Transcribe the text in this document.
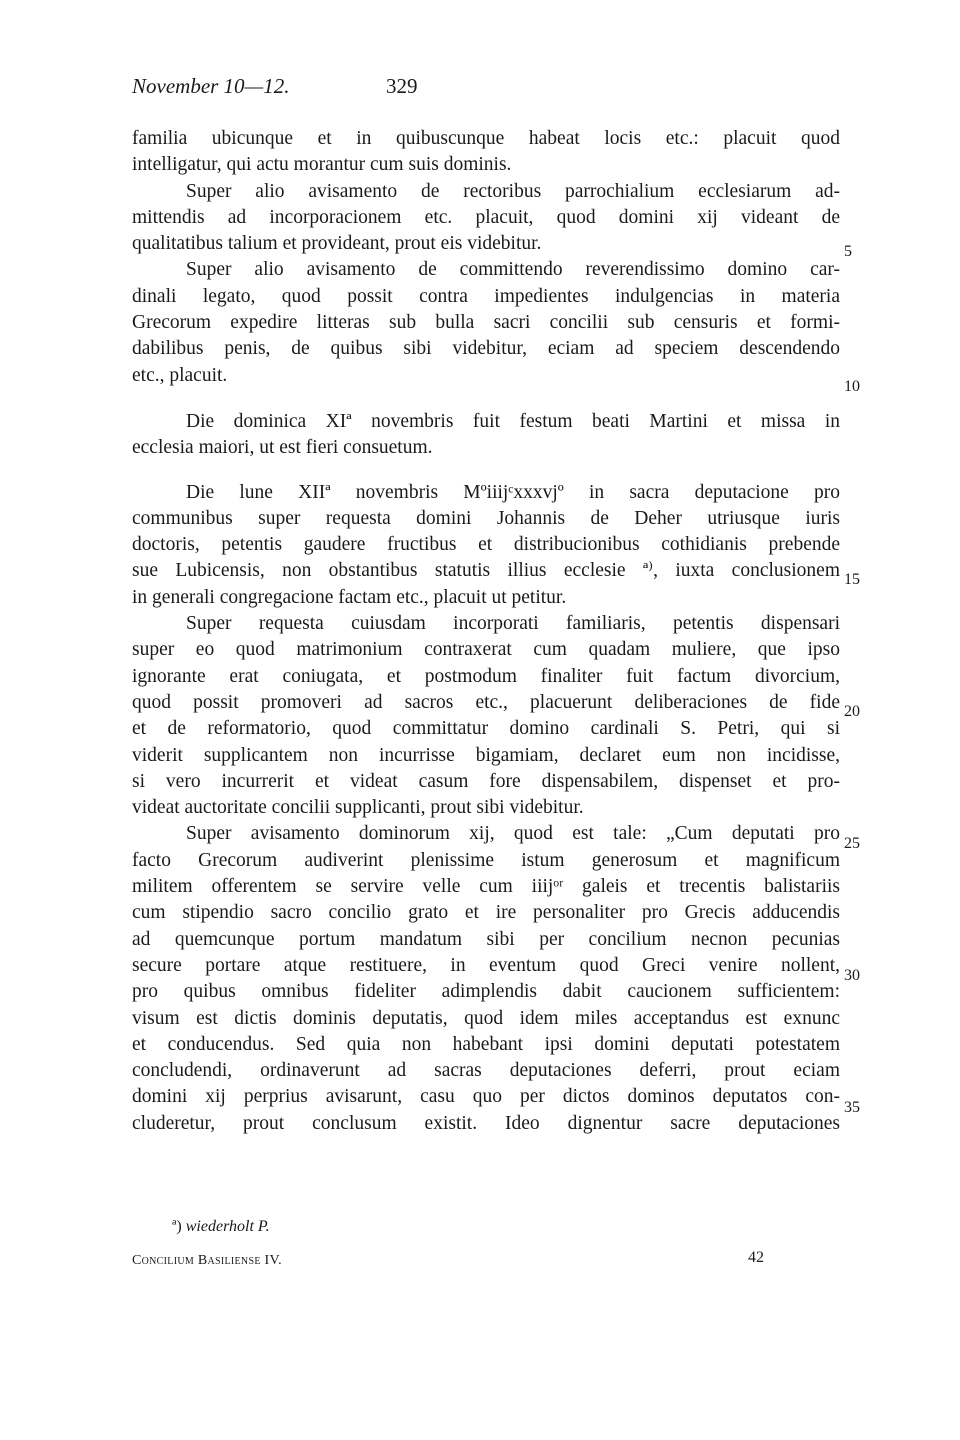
November 10—12.	329
familia ubicunque et in quibuscunque habeat locis etc.: placuit quod
intelligatur, qui actu morantur cum suis dominis.
Super alio avisamento de rectoribus parrochialium ecclesiarum ad-
mittendis ad incorporacionem etc. placuit, quod domini xij videant de
qualitatibus talium et provideant, prout eis videbitur.
Super alio avisamento de committendo reverendissimo domino car-
dinali legato, quod possit contra impedientes indulgencias in materia
Grecorum expedire litteras sub bulla sacri concilii sub censuris et formi-
dabilibus penis, de quibus sibi videbitur, eciam ad speciem descendendo
etc., placuit.
Die dominica XIª novembris fuit festum beati Martini et missa in
ecclesia maiori, ut est fieri consuetum.
Die lune XIIª novembris Mºiiijᶜxxxvjº in sacra deputacione pro
communibus super requesta domini Johannis de Deher utriusque iuris
doctoris, petentis gaudere fructibus et distribucionibus cothidianis prebende
sue Lubicensis, non obstantibus statutis illius ecclesie ª⁾, iuxta conclusionem
in generali congregacione factam etc., placuit ut petitur.
Super requesta cuiusdam incorporati familiaris, petentis dispensari
super eo quod matrimonium contraxerat cum quadam muliere, que ipso
ignorante erat coniugata, et postmodum finaliter fuit factum divorcium,
quod possit promoveri ad sacros etc., placuerunt deliberaciones de fide
et de reformatorio, quod committatur domino cardinali S. Petri, qui si
viderit supplicantem non incurrisse bigamiam, declaret eum non incidisse,
si vero incurrerit et videat casum fore dispensabilem, dispenset et pro-
videat auctoritate concilii supplicanti, prout sibi videbitur.
Super avisamento dominorum xij, quod est tale: „Cum deputati pro
facto Grecorum audiverint plenissime istum generosum et magnificum
militem offerentem se servire velle cum iiijᵒʳ galeis et trecentis balistariis
cum stipendio sacro concilio grato et ire personaliter pro Grecis adducendis
ad quemcunque portum mandatum sibi per concilium necnon pecunias
secure portare atque restituere, in eventum quod Greci venire nollent,
pro quibus omnibus fideliter adimplendis dabit caucionem sufficientem:
visum est dictis dominis deputatis, quod idem miles acceptandus est exnunc
et conducendus. Sed quia non habebant ipsi domini deputati potestatem
concludendi, ordinaverunt ad sacras deputaciones deferri, prout eciam
domini xij perprius avisarunt, casu quo per dictos dominos deputatos con-
cluderetur, prout conclusum existit. Ideo dignentur sacre deputaciones
5
10
15
20
25
30
35
ª) wiederholt P.
Concilium Basiliense IV.	42
